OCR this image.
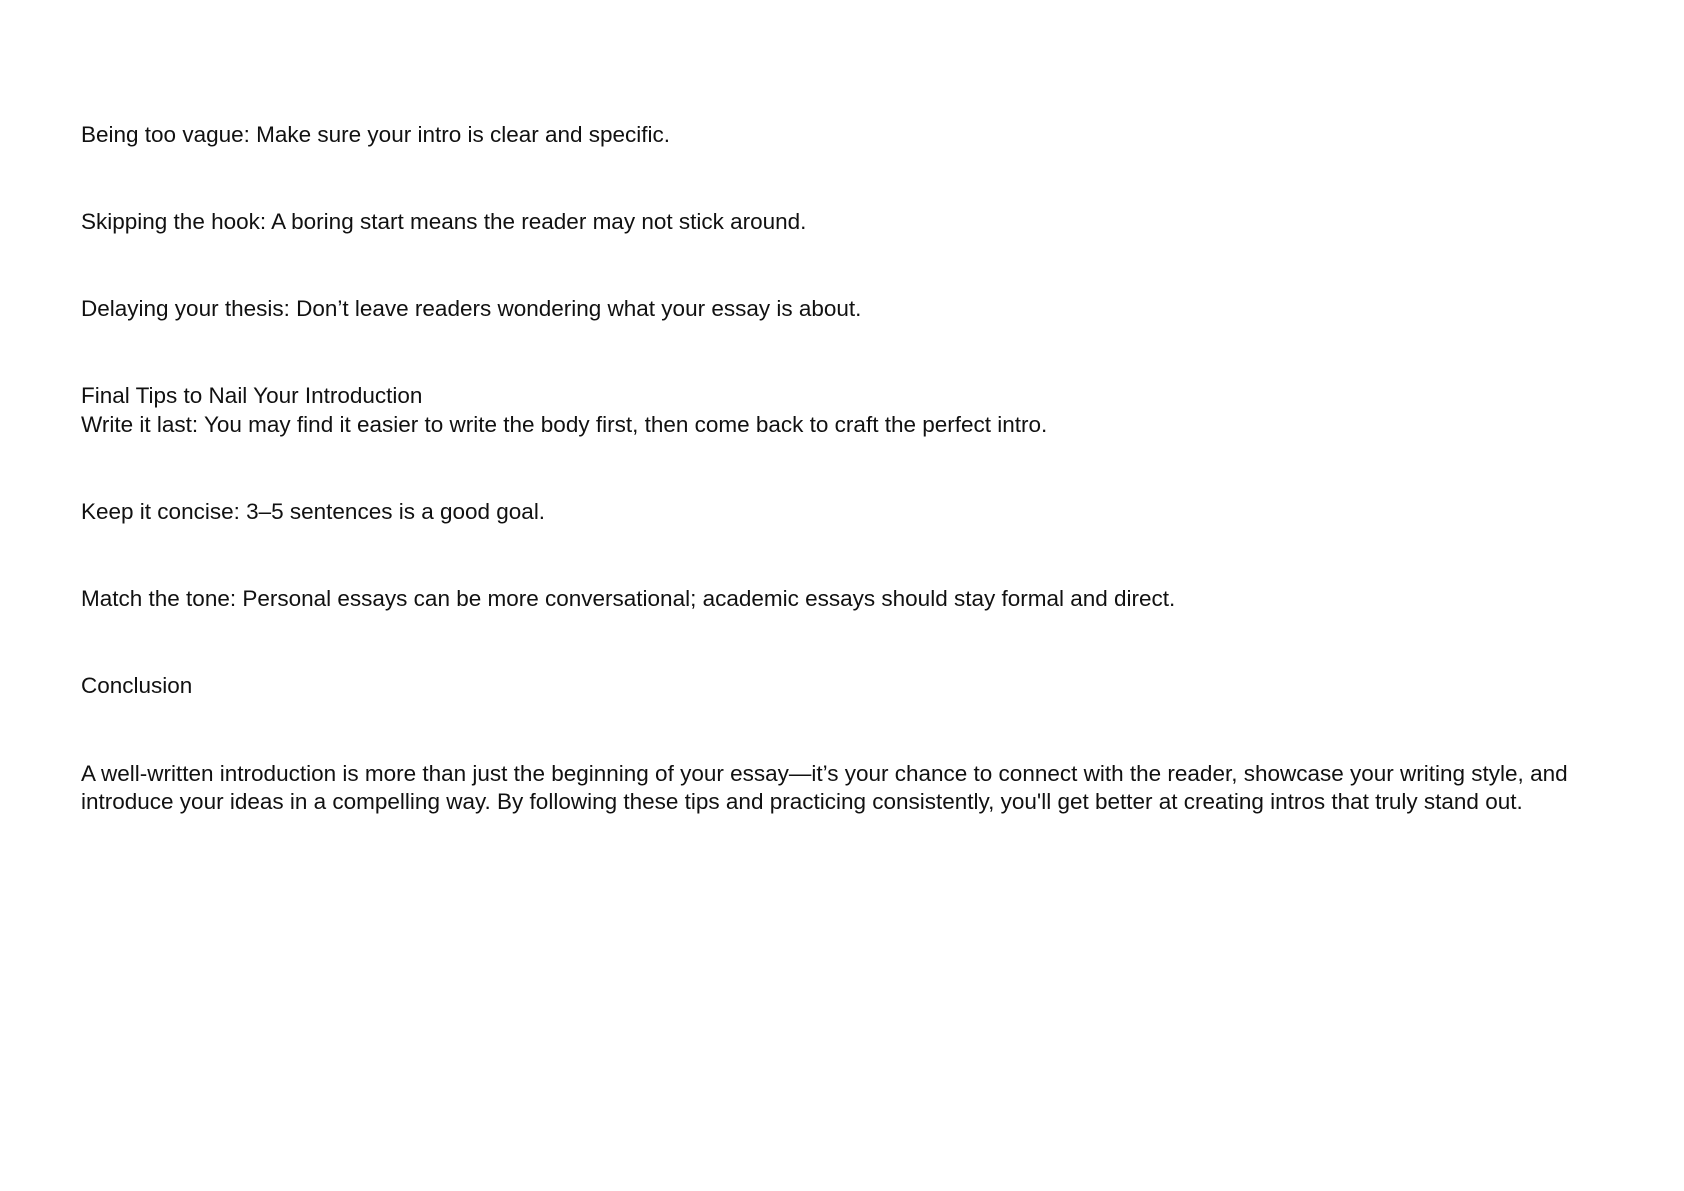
Being too vague: Make sure your intro is clear and specific.
Skipping the hook: A boring start means the reader may not stick around.
Delaying your thesis: Don’t leave readers wondering what your essay is about.
Final Tips to Nail Your Introduction
Write it last: You may find it easier to write the body first, then come back to craft the perfect intro.
Keep it concise: 3–5 sentences is a good goal.
Match the tone: Personal essays can be more conversational; academic essays should stay formal and direct.
Conclusion
A well-written introduction is more than just the beginning of your essay—it’s your chance to connect with the reader, showcase your writing style, and introduce your ideas in a compelling way. By following these tips and practicing consistently, you'll get better at creating intros that truly stand out.
